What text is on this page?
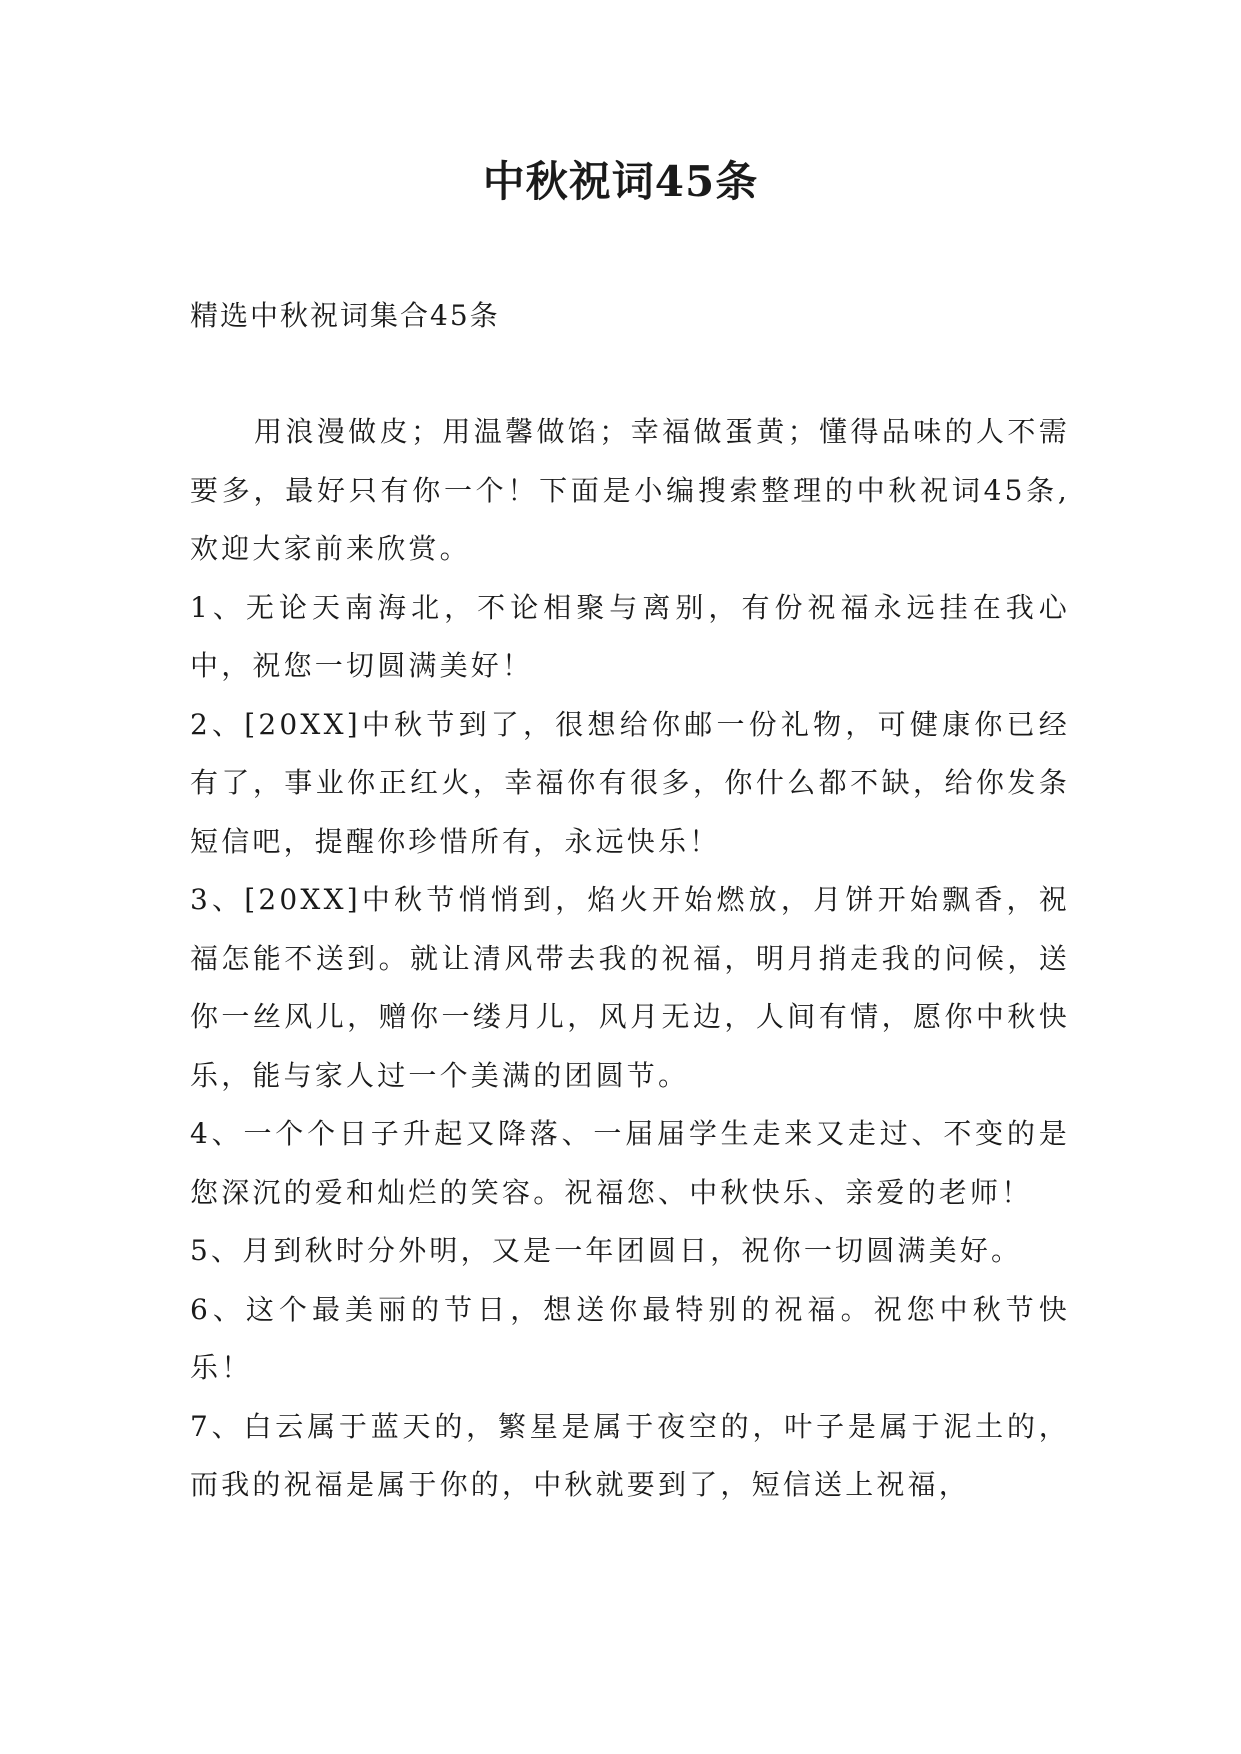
中秋祝词45条
精选中秋祝词集合45条

用浪漫做皮；用温馨做馅；幸福做蛋黄；懂得品味的人不需要多，最好只有你一个！下面是小编搜索整理的中秋祝词45条,欢迎大家前来欣赏。

1、无论天南海北，不论相聚与离别，有份祝福永远挂在我心中，祝您一切圆满美好！

2、[20XX]中秋节到了，很想给你邮一份礼物，可健康你已经有了，事业你正红火，幸福你有很多，你什么都不缺，给你发条短信吧，提醒你珍惜所有，永远快乐！

3、[20XX]中秋节悄悄到，焰火开始燃放，月饼开始飘香，祝福怎能不送到。就让清风带去我的祝福，明月捎走我的问候，送你一丝风儿，赠你一缕月儿，风月无边，人间有情，愿你中秋快乐，能与家人过一个美满的团圆节。

4、一个个日子升起又降落、一届届学生走来又走过、不变的是您深沉的爱和灿烂的笑容。祝福您、中秋快乐、亲爱的老师！

5、月到秋时分外明，又是一年团圆日，祝你一切圆满美好。

6、这个最美丽的节日，想送你最特别的祝福。祝您中秋节快乐！

7、白云属于蓝天的，繁星是属于夜空的，叶子是属于泥土的，而我的祝福是属于你的，中秋就要到了，短信送上祝福，
